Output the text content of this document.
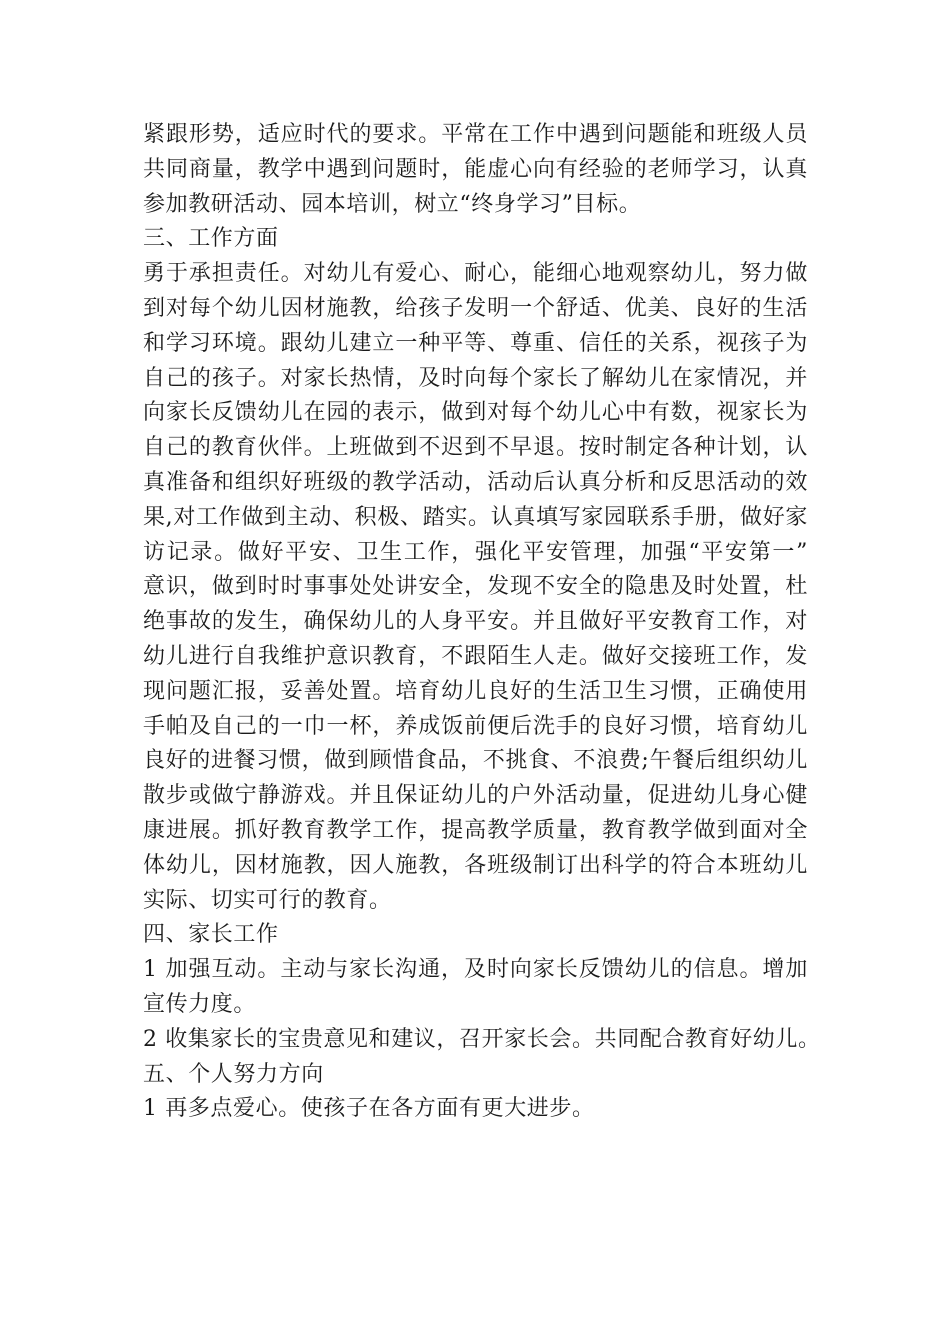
紧跟形势，适应时代的要求。平常在工作中遇到问题能和班级人员
共同商量，教学中遇到问题时，能虚心向有经验的老师学习，认真
参加教研活动、园本培训，树立“终身学习”目标。
三、工作方面
勇于承担责任。对幼儿有爱心、耐心，能细心地观察幼儿，努力做
到对每个幼儿因材施教，给孩子发明一个舒适、优美、良好的生活
和学习环境。跟幼儿建立一种平等、尊重、信任的关系，视孩子为
自己的孩子。对家长热情，及时向每个家长了解幼儿在家情况，并
向家长反馈幼儿在园的表示，做到对每个幼儿心中有数，视家长为
自己的教育伙伴。上班做到不迟到不早退。按时制定各种计划，认
真准备和组织好班级的教学活动，活动后认真分析和反思活动的效
果,对工作做到主动、积极、踏实。认真填写家园联系手册，做好家
访记录。做好平安、卫生工作，强化平安管理，加强“平安第一”
意识，做到时时事事处处讲安全，发现不安全的隐患及时处置，杜
绝事故的发生，确保幼儿的人身平安。并且做好平安教育工作，对
幼儿进行自我维护意识教育，不跟陌生人走。做好交接班工作，发
现问题汇报，妥善处置。培育幼儿良好的生活卫生习惯，正确使用
手帕及自己的一巾一杯，养成饭前便后洗手的良好习惯，培育幼儿
良好的进餐习惯，做到顾惜食品，不挑食、不浪费;午餐后组织幼儿
散步或做宁静游戏。并且保证幼儿的户外活动量，促进幼儿身心健
康进展。抓好教育教学工作，提高教学质量，教育教学做到面对全
体幼儿，因材施教，因人施教，各班级制订出科学的符合本班幼儿
实际、切实可行的教育。
四、家长工作
1 加强互动。主动与家长沟通，及时向家长反馈幼儿的信息。增加
宣传力度。
2 收集家长的宝贵意见和建议，召开家长会。共同配合教育好幼儿。
五、个人努力方向
1 再多点爱心。使孩子在各方面有更大进步。
